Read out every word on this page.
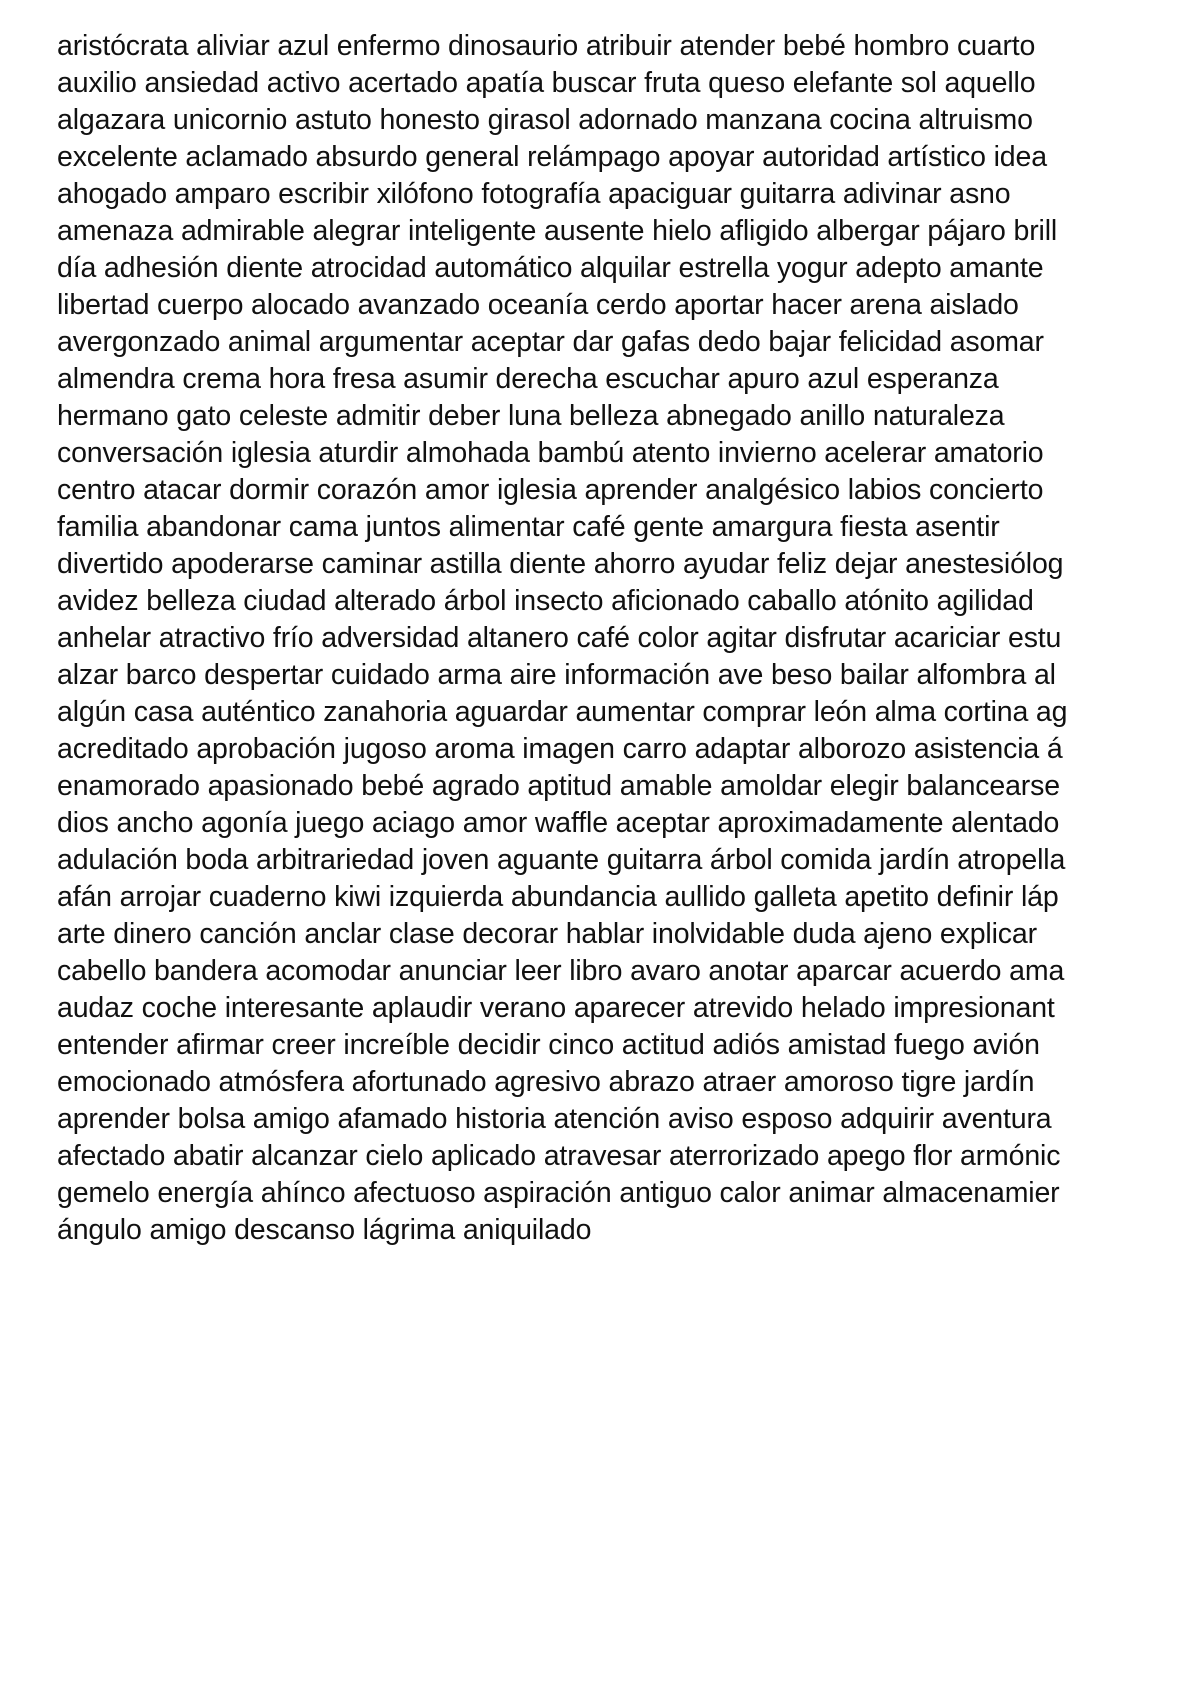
aristócrata aliviar azul enfermo dinosaurio atribuir atender bebé hombro cuarto
auxilio ansiedad activo acertado apatía buscar fruta queso elefante sol aquello
algazara unicornio astuto honesto girasol adornado manzana cocina altruismo
excelente aclamado absurdo general relámpago apoyar autoridad artístico idea
ahogado amparo escribir xilófono fotografía apaciguar guitarra adivinar asno
amenaza admirable alegrar inteligente ausente hielo afligido albergar pájaro brill
día adhesión diente atrocidad automático alquilar estrella yogur adepto amante
libertad cuerpo alocado avanzado oceanía cerdo aportar hacer arena aislado
avergonzado animal argumentar aceptar dar gafas dedo bajar felicidad asomar
almendra crema hora fresa asumir derecha escuchar apuro azul esperanza
hermano gato celeste admitir deber luna belleza abnegado anillo naturaleza
conversación iglesia aturdir almohada bambú atento invierno acelerar amatorio
centro atacar dormir corazón amor iglesia aprender analgésico labios concierto
familia abandonar cama juntos alimentar café gente amargura fiesta asentir
divertido apoderarse caminar astilla diente ahorro ayudar feliz dejar anestesiólog
avidez belleza ciudad alterado árbol insecto aficionado caballo atónito agilidad
anhelar atractivo frío adversidad altanero café color agitar disfrutar acariciar estu
alzar barco despertar cuidado arma aire información ave beso bailar alfombra al
algún casa auténtico zanahoria aguardar aumentar comprar león alma cortina ag
acreditado aprobación jugoso aroma imagen carro adaptar alborozo asistencia á
enamorado apasionado bebé agrado aptitud amable amoldar elegir balancearse
dios ancho agonía juego aciago amor waffle aceptar aproximadamente alentado
adulación boda arbitrariedad joven aguante guitarra árbol comida jardín atropella
afán arrojar cuaderno kiwi izquierda abundancia aullido galleta apetito definir láp
arte dinero canción anclar clase decorar hablar inolvidable duda ajeno explicar
cabello bandera acomodar anunciar leer libro avaro anotar aparcar acuerdo ama
audaz coche interesante aplaudir verano aparecer atrevido helado impresionant
entender afirmar creer increíble decidir cinco actitud adiós amistad fuego avión
emocionado atmósfera afortunado agresivo abrazo atraer amoroso tigre jardín
aprender bolsa amigo afamado historia atención aviso esposo adquirir aventura
afectado abatir alcanzar cielo aplicado atravesar aterrorizado apego flor armónic
gemelo energía ahínco afectuoso aspiración antiguo calor animar almacenamier
ángulo amigo descanso lágrima aniquilado
